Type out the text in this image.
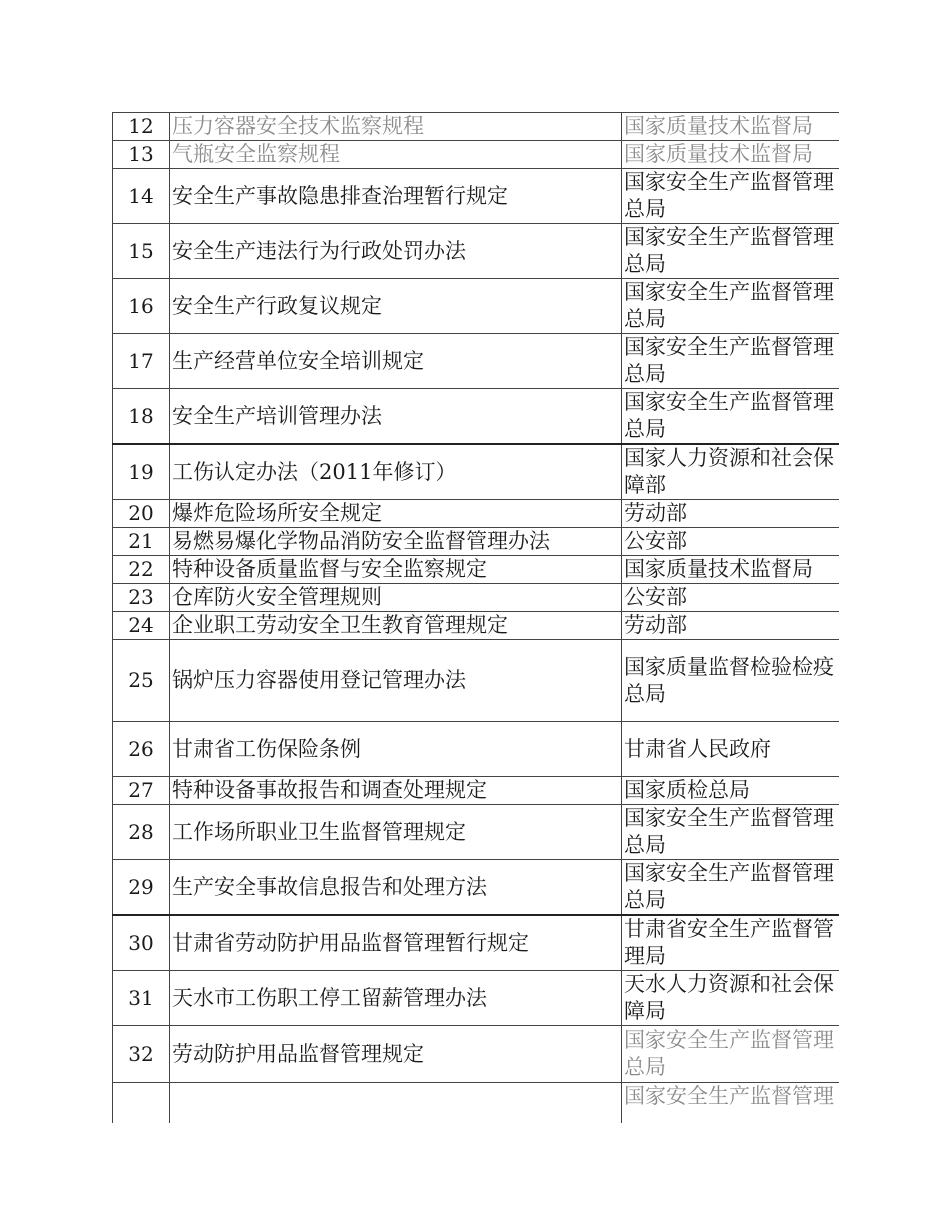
12	压力容器安全技术监察规程	国家质量技术监督局

13	气瓶安全监察规程	国家质量技术监督局

14	安全生产事故隐患排查治理暂行规定	国家安全生产监督管理
总局

15	安全生产违法行为行政处罚办法	国家安全生产监督管理
总局

16	安全生产行政复议规定	国家安全生产监督管理
总局

17	生产经营单位安全培训规定	国家安全生产监督管理
总局

18	安全生产培训管理办法	国家安全生产监督管理
总局

19	工伤认定办法（2011年修订）	国家人力资源和社会保
障部

20	爆炸危险场所安全规定	劳动部

21	易燃易爆化学物品消防安全监督管理办法	公安部

22	特种设备质量监督与安全监察规定	国家质量技术监督局

23	仓库防火安全管理规则	公安部

24	企业职工劳动安全卫生教育管理规定	劳动部

25	锅炉压力容器使用登记管理办法	国家质量监督检验检疫
总局

26	甘肃省工伤保险条例	甘肃省人民政府

27	特种设备事故报告和调查处理规定	国家质检总局

28	工作场所职业卫生监督管理规定	国家安全生产监督管理
总局

29	生产安全事故信息报告和处理方法	国家安全生产监督管理
总局

30	甘肃省劳动防护用品监督管理暂行规定	甘肃省安全生产监督管
理局

31	天水市工伤职工停工留薪管理办法	天水人力资源和社会保
障局

32	劳动防护用品监督管理规定	国家安全生产监督管理
总局

		国家安全生产监督管理
